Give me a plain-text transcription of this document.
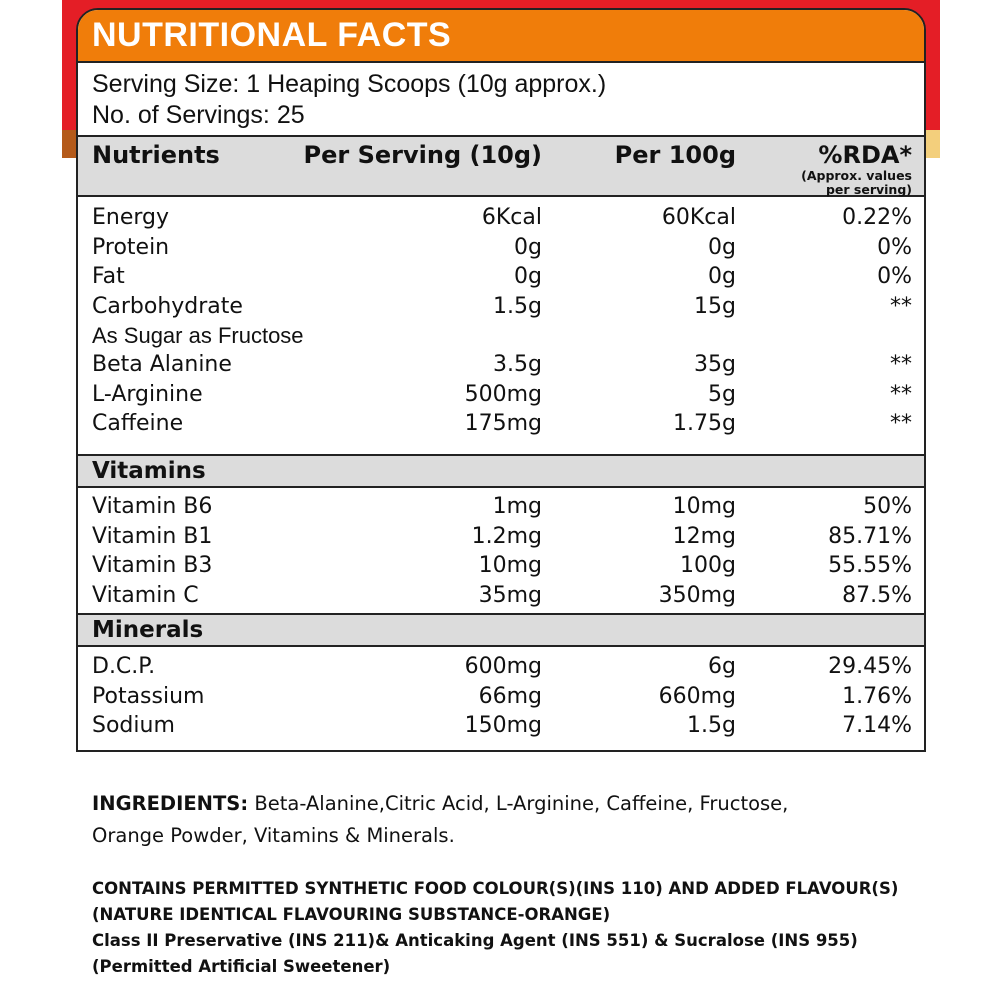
NUTRITIONAL FACTS
Serving Size: 1 Heaping Scoops (10g approx.)
No. of Servings: 25
Nutrients	Per Serving (10g)	Per 100g	%RDA*
(Approx. values
per serving)
Energy	6Kcal	60Kcal	0.22%
Protein	0g	0g	0%
Fat	0g	0g	0%
Carbohydrate	1.5g	15g	**
As Sugar as Fructose
Beta Alanine	3.5g	35g	**
L-Arginine	500mg	5g	**
Caffeine	175mg	1.75g	**
Vitamins
Vitamin B6	1mg	10mg	50%
Vitamin B1	1.2mg	12mg	85.71%
Vitamin B3	10mg	100g	55.55%
Vitamin C	35mg	350mg	87.5%
Minerals
D.C.P.	600mg	6g	29.45%
Potassium	66mg	660mg	1.76%
Sodium	150mg	1.5g	7.14%
INGREDIENTS: Beta-Alanine,Citric Acid, L-Arginine, Caffeine, Fructose,
Orange Powder, Vitamins & Minerals.
CONTAINS PERMITTED SYNTHETIC FOOD COLOUR(S)(INS 110) AND ADDED FLAVOUR(S)
(NATURE IDENTICAL FLAVOURING SUBSTANCE-ORANGE)
Class II Preservative (INS 211)& Anticaking Agent (INS 551) & Sucralose (INS 955)
(Permitted Artificial Sweetener)
